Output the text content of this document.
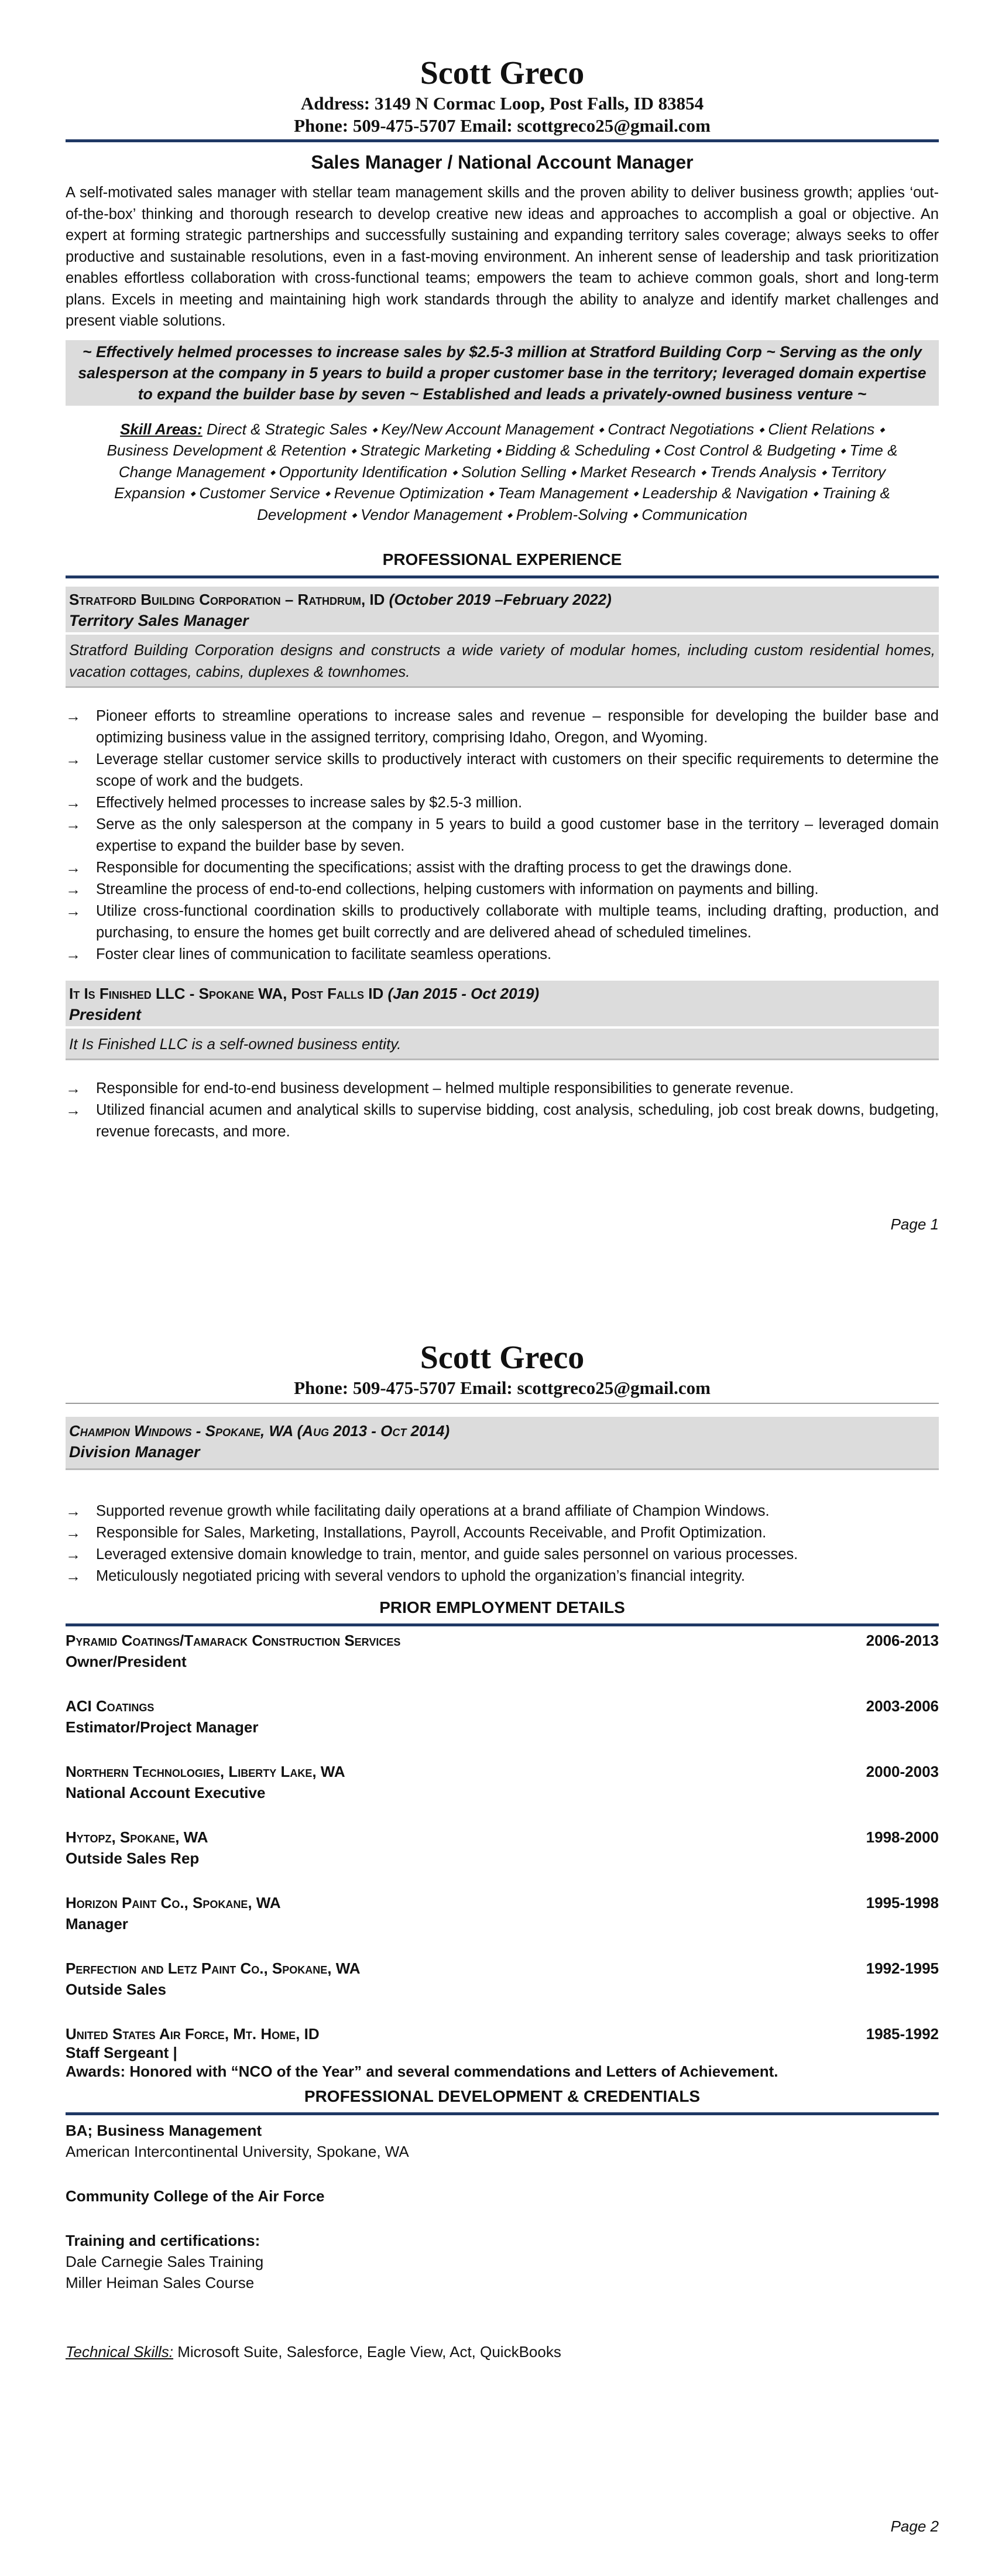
Scott Greco

Address: 3149 N Cormac Loop, Post Falls, ID 83854

Phone: 509-475-5707 Email: scottgreco25@gmail.com

Sales Manager / National Account Manager

A self-motivated sales manager with stellar team management skills and the proven ability to deliver business growth; applies ‘out-of-the-box’ thinking and thorough research to develop creative new ideas and approaches to accomplish a goal or objective. An expert at forming strategic partnerships and successfully sustaining and expanding territory sales coverage; always seeks to offer productive and sustainable resolutions, even in a fast-moving environment. An inherent sense of leadership and task prioritization enables effortless collaboration with cross-functional teams; empowers the team to achieve common goals, short and long-term plans. Excels in meeting and maintaining high work standards through the ability to analyze and identify market challenges and present viable solutions.

~ Effectively helmed processes to increase sales by $2.5-3 million at Stratford Building Corp ~ Serving as the only salesperson at the company in 5 years to build a proper customer base in the territory; leveraged domain expertise to expand the builder base by seven ~ Established and leads a privately-owned business venture ~

Skill Areas: Direct & Strategic Sales ⬩ Key/New Account Management ⬩ Contract Negotiations ⬩ Client Relations ⬩ Business Development & Retention ⬩ Strategic Marketing ⬩ Bidding & Scheduling ⬩ Cost Control & Budgeting ⬩ Time & Change Management ⬩ Opportunity Identification ⬩ Solution Selling ⬩ Market Research ⬩ Trends Analysis ⬩ Territory Expansion ⬩ Customer Service ⬩ Revenue Optimization ⬩ Team Management ⬩ Leadership & Navigation ⬩ Training & Development ⬩ Vendor Management ⬩ Problem-Solving ⬩ Communication

PROFESSIONAL EXPERIENCE

Stratford Building Corporation – Rathdrum, ID (October 2019 –February 2022)
Territory Sales Manager
Stratford Building Corporation designs and constructs a wide variety of modular homes, including custom residential homes, vacation cottages, cabins, duplexes & townhomes.
→	Pioneer efforts to streamline operations to increase sales and revenue – responsible for developing the builder base and optimizing business value in the assigned territory, comprising Idaho, Oregon, and Wyoming.
→	Leverage stellar customer service skills to productively interact with customers on their specific requirements to determine the scope of work and the budgets.
→	Effectively helmed processes to increase sales by $2.5-3 million.
→	Serve as the only salesperson at the company in 5 years to build a good customer base in the territory – leveraged domain expertise to expand the builder base by seven.
→	Responsible for documenting the specifications; assist with the drafting process to get the drawings done.
→	Streamline the process of end-to-end collections, helping customers with information on payments and billing.
→	Utilize cross-functional coordination skills to productively collaborate with multiple teams, including drafting, production, and purchasing, to ensure the homes get built correctly and are delivered ahead of scheduled timelines.
→	Foster clear lines of communication to facilitate seamless operations.
It Is Finished LLC - Spokane WA, Post Falls ID (Jan 2015 - Oct 2019)
President
It Is Finished LLC is a self-owned business entity.
→	Responsible for end-to-end business development – helmed multiple responsibilities to generate revenue.
→	Utilized financial acumen and analytical skills to supervise bidding, cost analysis, scheduling, job cost break downs, budgeting, revenue forecasts, and more.
Page 1

Scott Greco

Phone: 509-475-5707 Email: scottgreco25@gmail.com

Champion Windows - Spokane, WA (Aug 2013 - Oct 2014)
Division Manager
→	Supported revenue growth while facilitating daily operations at a brand affiliate of Champion Windows.
→	Responsible for Sales, Marketing, Installations, Payroll, Accounts Receivable, and Profit Optimization.
→	Leveraged extensive domain knowledge to train, mentor, and guide sales personnel on various processes.
→	Meticulously negotiated pricing with several vendors to uphold the organization’s financial integrity.

PRIOR EMPLOYMENT DETAILS

Pyramid Coatings/Tamarack Construction Services	2006-2013
Owner/President
ACI Coatings	2003-2006
Estimator/Project Manager
Northern Technologies, Liberty Lake, WA	2000-2003
National Account Executive
Hytopz, Spokane, WA	1998-2000
Outside Sales Rep
Horizon Paint Co., Spokane, WA	1995-1998
Manager
Perfection and Letz Paint Co., Spokane, WA	1992-1995
Outside Sales
United States Air Force, Mt. Home, ID	1985-1992
Staff Sergeant |
Awards: Honored with “NCO of the Year” and several commendations and Letters of Achievement.

PROFESSIONAL DEVELOPMENT & CREDENTIALS

BA; Business Management
American Intercontinental University, Spokane, WA
Community College of the Air Force
Training and certifications:
Dale Carnegie Sales Training
Miller Heiman Sales Course
Technical Skills: Microsoft Suite, Salesforce, Eagle View, Act, QuickBooks
Page 2
